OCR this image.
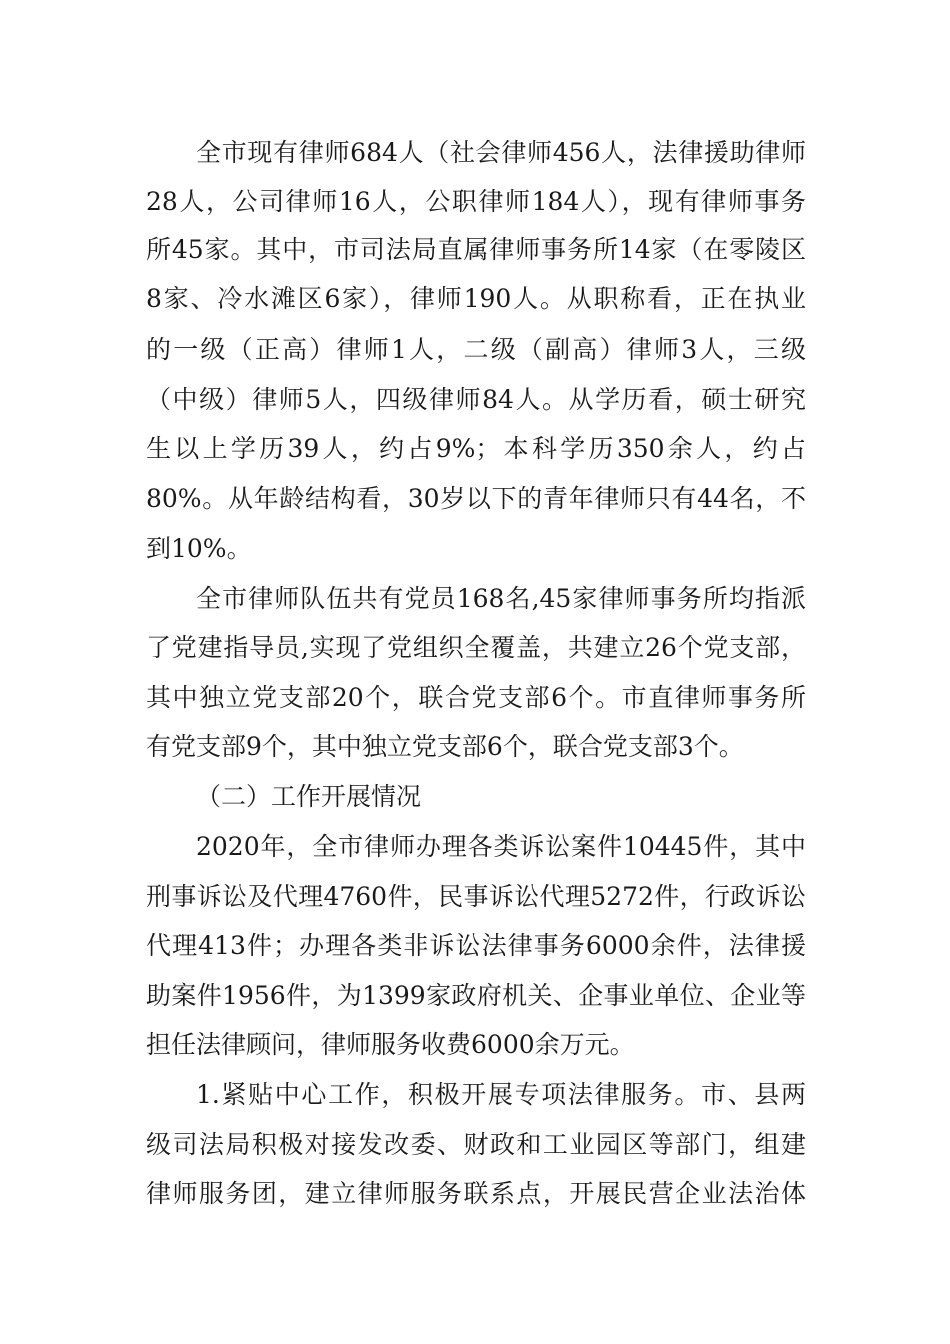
全市现有律师684人（社会律师456人，法律援助律师
28人，公司律师16人，公职律师184人），现有律师事务
所45家。其中，市司法局直属律师事务所14家（在零陵区
8家、冷水滩区6家），律师190人。从职称看，正在执业
的一级（正高）律师1人，二级（副高）律师3人，三级
（中级）律师5人，四级律师84人。从学历看，硕士研究
生以上学历39人，约占9%；本科学历350余人，约占
80%。从年龄结构看，30岁以下的青年律师只有44名，不
到10%。
全市律师队伍共有党员168名,45家律师事务所均指派
了党建指导员,实现了党组织全覆盖，共建立26个党支部，
其中独立党支部20个，联合党支部6个。市直律师事务所
有党支部9个，其中独立党支部6个，联合党支部3个。
（二）工作开展情况
2020年，全市律师办理各类诉讼案件10445件，其中
刑事诉讼及代理4760件，民事诉讼代理5272件，行政诉讼
代理413件；办理各类非诉讼法律事务6000余件，法律援
助案件1956件，为1399家政府机关、企事业单位、企业等
担任法律顾问，律师服务收费6000余万元。
1.紧贴中心工作，积极开展专项法律服务。市、县两
级司法局积极对接发改委、财政和工业园区等部门，组建
律师服务团，建立律师服务联系点，开展民营企业法治体
